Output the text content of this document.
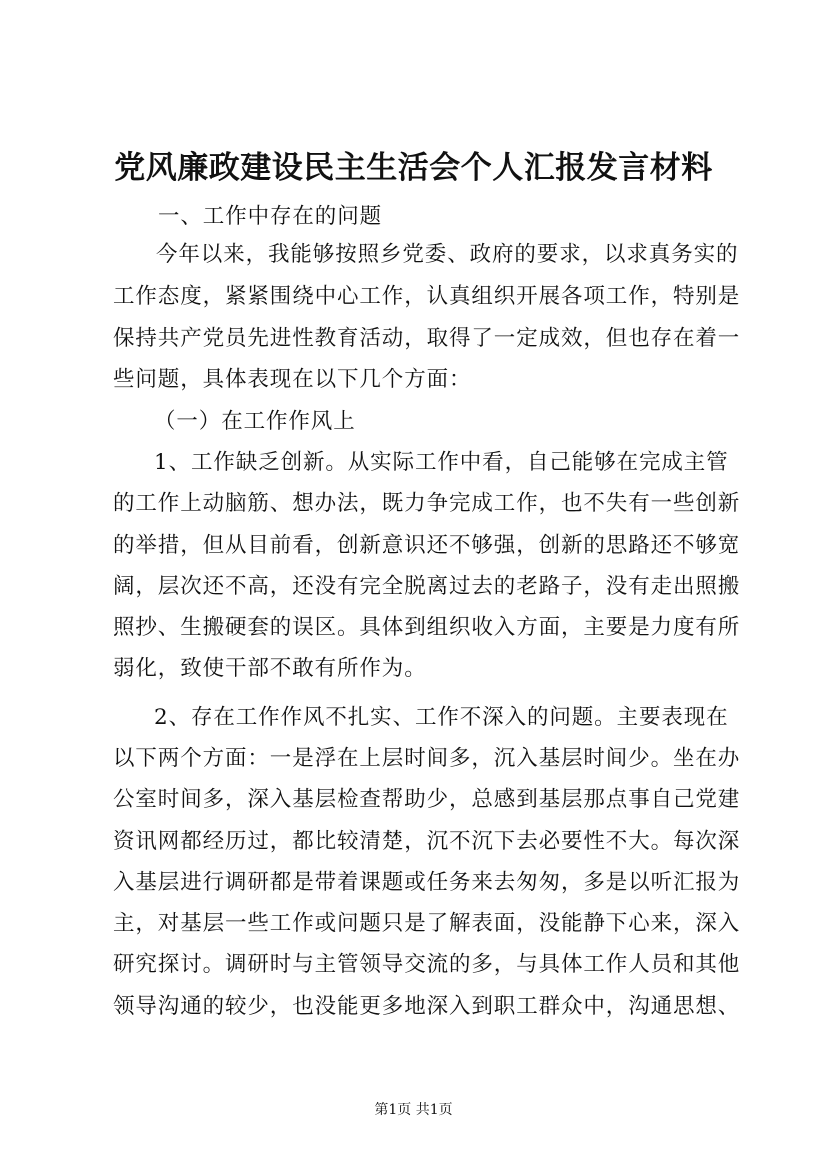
党风廉政建设民主生活会个人汇报发言材料
一、工作中存在的问题
今年以来，我能够按照乡党委、政府的要求，以求真务实的
工作态度，紧紧围绕中心工作，认真组织开展各项工作，特别是
保持共产党员先进性教育活动，取得了一定成效，但也存在着一
些问题，具体表现在以下几个方面：
（一）在工作作风上
1、工作缺乏创新。从实际工作中看，自己能够在完成主管
的工作上动脑筋、想办法，既力争完成工作，也不失有一些创新
的举措，但从目前看，创新意识还不够强，创新的思路还不够宽
阔，层次还不高，还没有完全脱离过去的老路子，没有走出照搬
照抄、生搬硬套的误区。具体到组织收入方面，主要是力度有所
弱化，致使干部不敢有所作为。
2、存在工作作风不扎实、工作不深入的问题。主要表现在
以下两个方面：一是浮在上层时间多，沉入基层时间少。坐在办
公室时间多，深入基层检查帮助少，总感到基层那点事自己党建
资讯网都经历过，都比较清楚，沉不沉下去必要性不大。每次深
入基层进行调研都是带着课题或任务来去匆匆，多是以听汇报为
主，对基层一些工作或问题只是了解表面，没能静下心来，深入
研究探讨。调研时与主管领导交流的多，与具体工作人员和其他
领导沟通的较少，也没能更多地深入到职工群众中，沟通思想、
第1页 共1页
